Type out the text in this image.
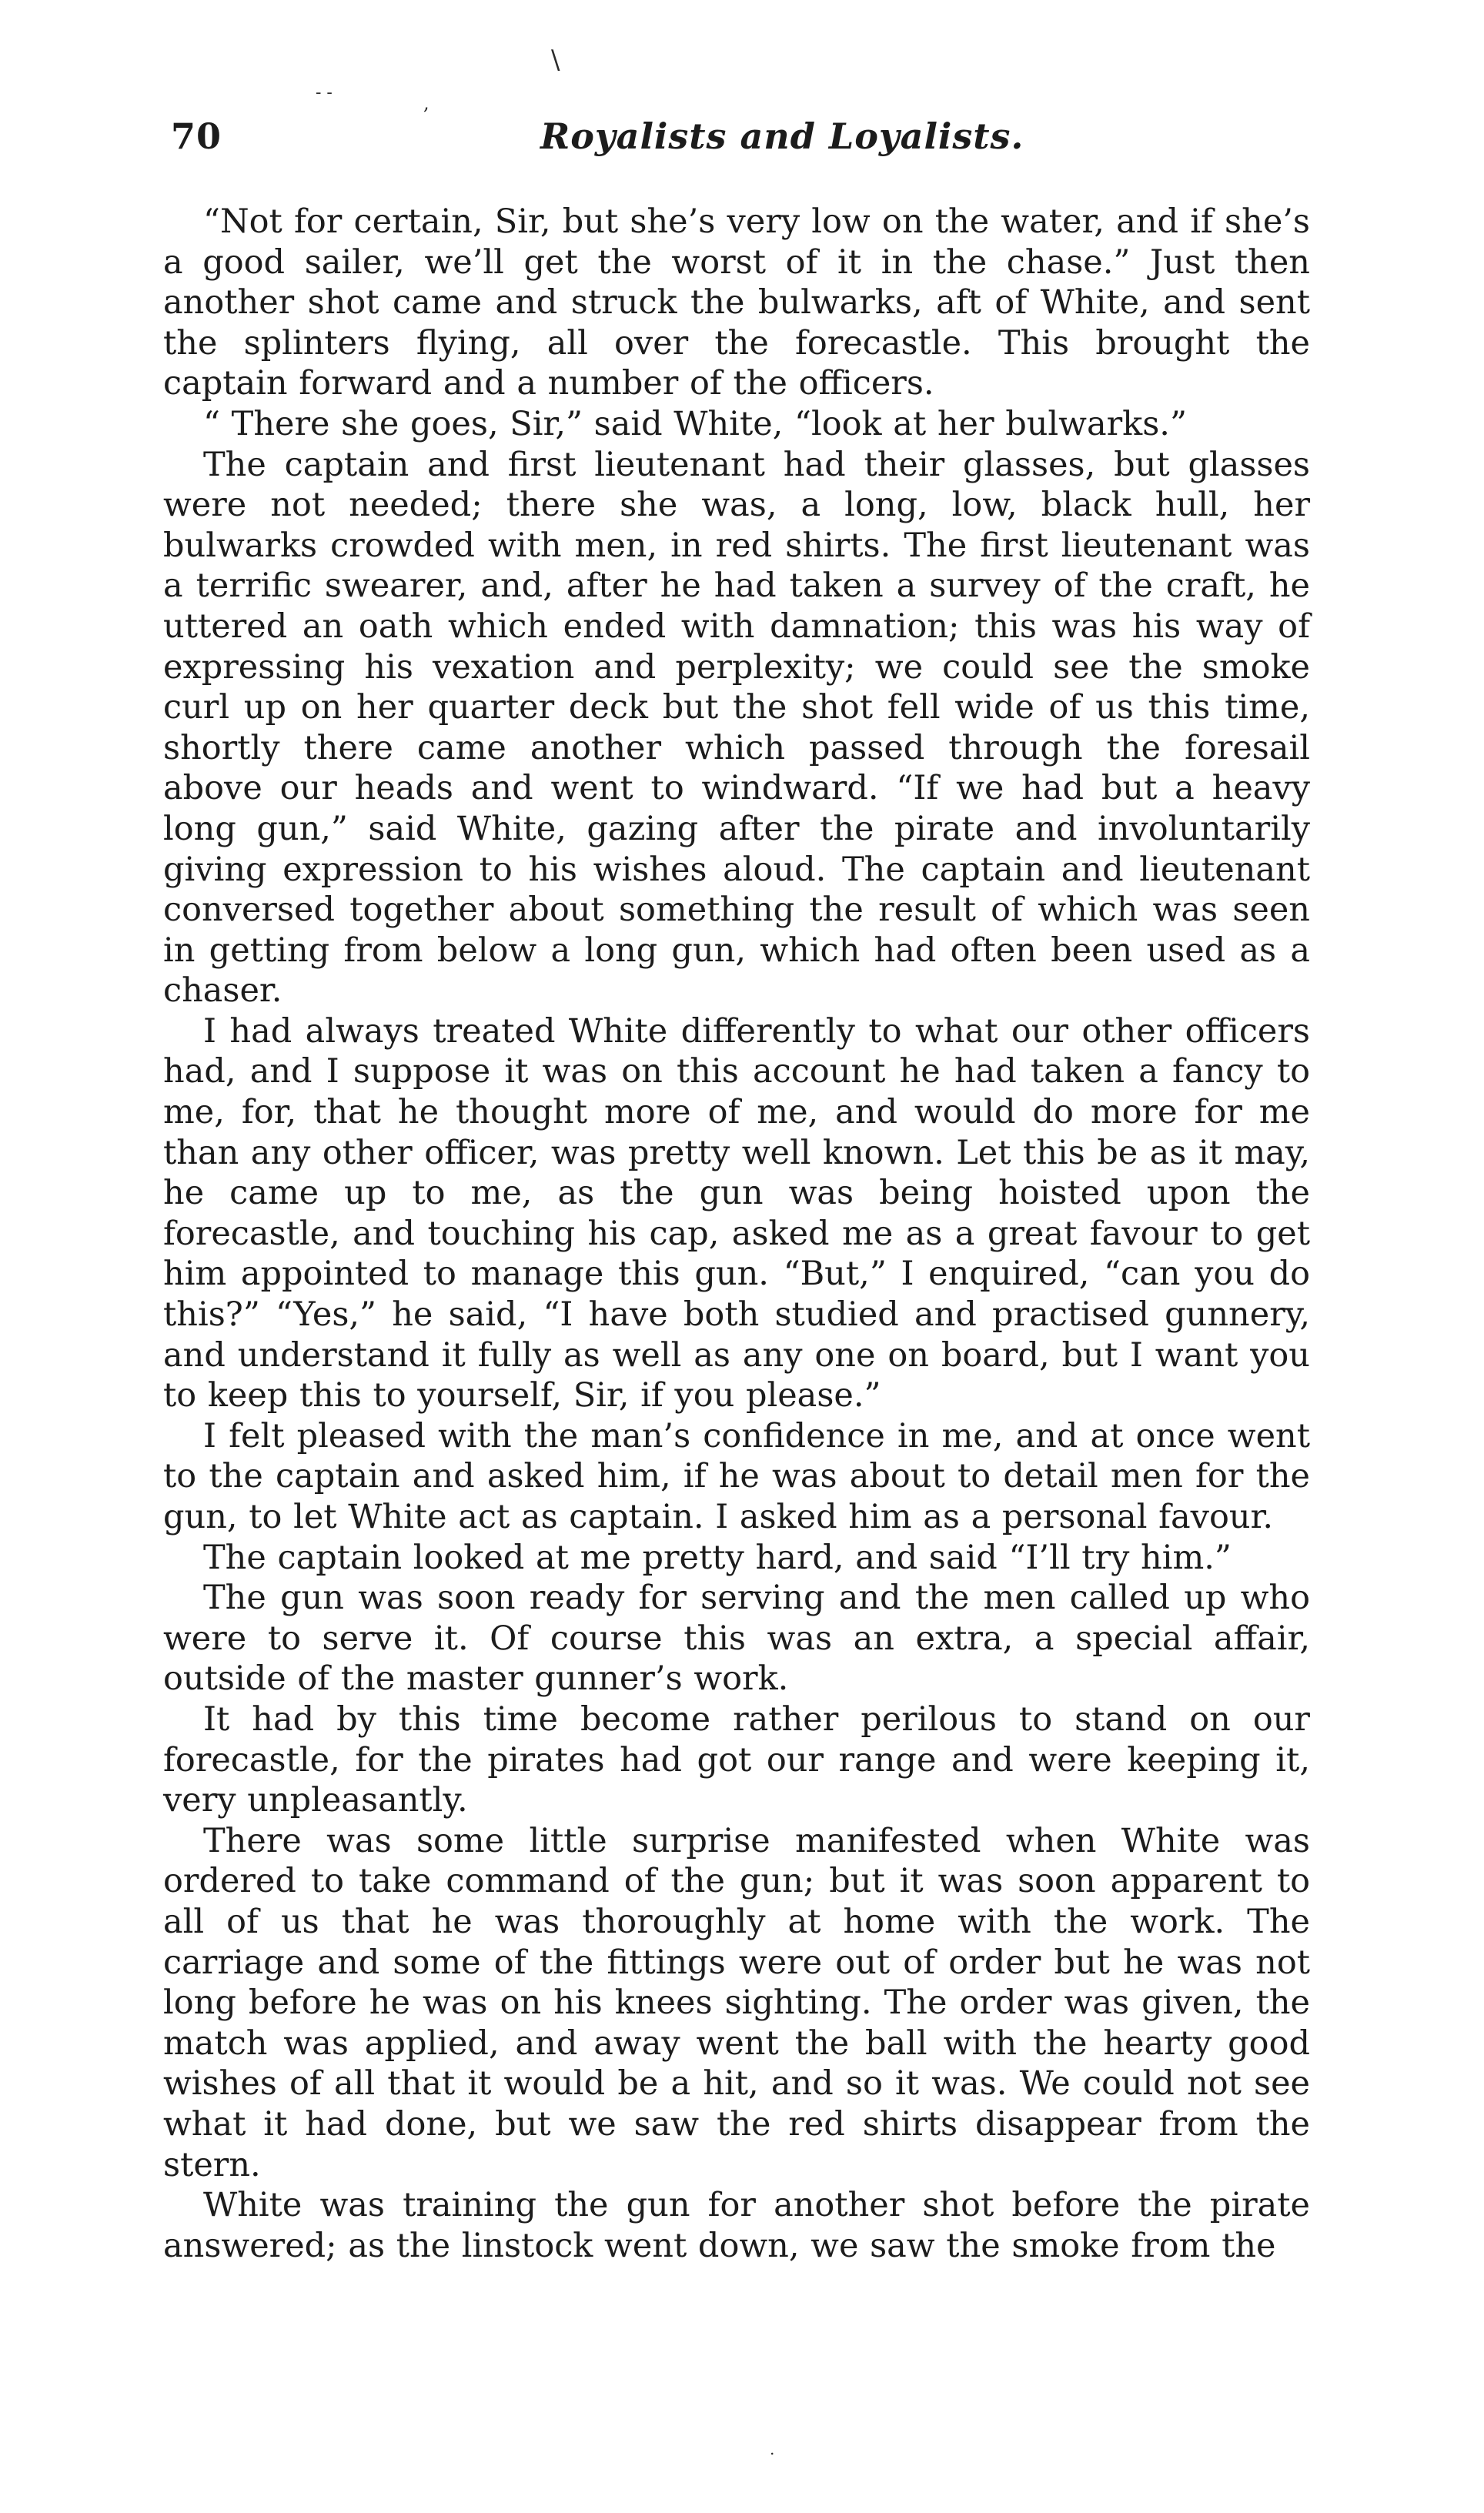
\
- -	,
70	Royalists and Loyalists.

“Not for certain, Sir, but she’s very low on the water, and if she’s a good sailer, we’ll get the worst of it in the chase.” Just then another shot came and struck the bulwarks, aft of White, and sent the splinters flying, all over the forecastle. This brought the captain forward and a number of the officers.

“ There she goes, Sir,” said White, “look at her bulwarks.”

The captain and first lieutenant had their glasses, but glasses were not needed; there she was, a long, low, black hull, her bulwarks crowded with men, in red shirts. The first lieutenant was a terrific swearer, and, after he had taken a survey of the craft, he uttered an oath which ended with damnation; this was his way of expressing his vexation and perplexity; we could see the smoke curl up on her quarter deck but the shot fell wide of us this time, shortly there came another which passed through the foresail above our heads and went to windward. “If we had but a heavy long gun,” said White, gazing after the pirate and involuntarily giving expression to his wishes aloud. The captain and lieutenant conversed together about something the result of which was seen in getting from below a long gun, which had often been used as a chaser.

I had always treated White differently to what our other officers had, and I suppose it was on this account he had taken a fancy to me, for, that he thought more of me, and would do more for me than any other officer, was pretty well known. Let this be as it may, he came up to me, as the gun was being hoisted upon the forecastle, and touching his cap, asked me as a great favour to get him appointed to manage this gun. “But,” I enquired, “can you do this?” “Yes,” he said, “I have both studied and practised gunnery, and understand it fully as well as any one on board, but I want you to keep this to yourself, Sir, if you please.”

I felt pleased with the man’s confidence in me, and at once went to the captain and asked him, if he was about to detail men for the gun, to let White act as captain. I asked him as a personal favour.

The captain looked at me pretty hard, and said “I’ll try him.”

The gun was soon ready for serving and the men called up who were to serve it. Of course this was an extra, a special affair, outside of the master gunner’s work.

It had by this time become rather perilous to stand on our forecastle, for the pirates had got our range and were keeping it, very unpleasantly.

There was some little surprise manifested when White was ordered to take command of the gun; but it was soon apparent to all of us that he was thoroughly at home with the work. The carriage and some of the fittings were out of order but he was not long before he was on his knees sighting. The order was given, the match was applied, and away went the ball with the hearty good wishes of all that it would be a hit, and so it was. We could not see what it had done, but we saw the red shirts disappear from the stern.

White was training the gun for another shot before the pirate answered; as the linstock went down, we saw the smoke from the

.
